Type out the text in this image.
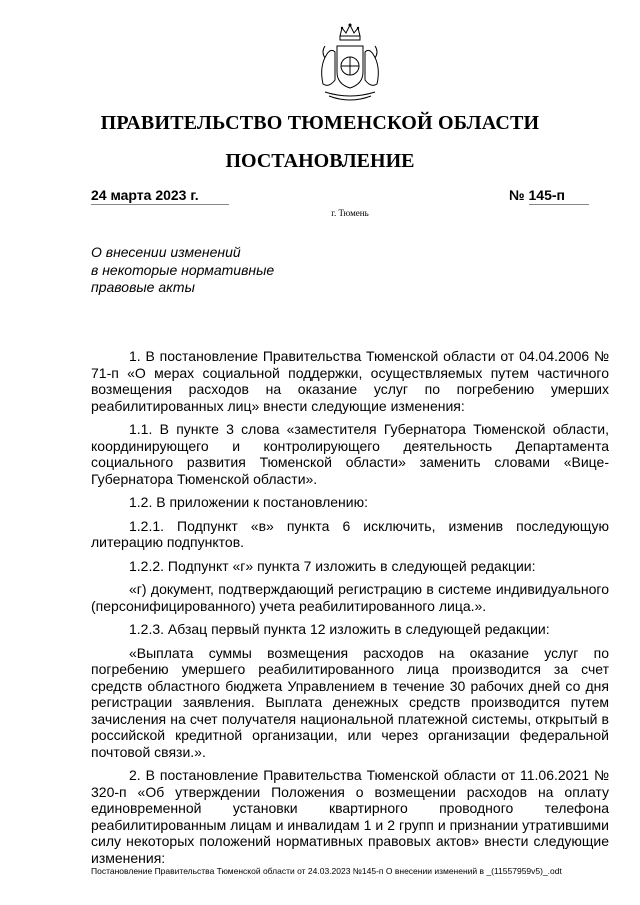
ПРАВИТЕЛЬСТВО ТЮМЕНСКОЙ ОБЛАСТИ
ПОСТАНОВЛЕНИЕ
24 марта 2023 г.	№ 145-п
г. Тюмень
О внесении изменений
в некоторые нормативные
правовые акты

1. В постановление Правительства Тюменской области от 04.04.2006 № 71-п «О мерах социальной поддержки, осуществляемых путем частичного возмещения расходов на оказание услуг по погребению умерших реабилитированных лиц» внести следующие изменения:

1.1. В пункте 3 слова «заместителя Губернатора Тюменской области, координирующего и контролирующего деятельность Департамента социального развития Тюменской области» заменить словами «Вице-Губернатора Тюменской области».

1.2. В приложении к постановлению:

1.2.1. Подпункт «в» пункта 6 исключить, изменив последующую литерацию подпунктов.

1.2.2. Подпункт «г» пункта 7 изложить в следующей редакции:

«г) документ, подтверждающий регистрацию в системе индивидуального (персонифицированного) учета реабилитированного лица.».

1.2.3. Абзац первый пункта 12 изложить в следующей редакции:

«Выплата суммы возмещения расходов на оказание услуг по погребению умершего реабилитированного лица производится за счет средств областного бюджета Управлением в течение 30 рабочих дней со дня регистрации заявления. Выплата денежных средств производится путем зачисления на счет получателя национальной платежной системы, открытый в российской кредитной организации, или через организации федеральной почтовой связи.».

2. В постановление Правительства Тюменской области от 11.06.2021 № 320-п «Об утверждении Положения о возмещении расходов на оплату единовременной установки квартирного проводного телефона реабилитированным лицам и инвалидам 1 и 2 групп и признании утратившими силу некоторых положений нормативных правовых актов» внести следующие изменения:

Постановление Правительства Тюменской области от 24.03.2023 №145-п О внесении изменений в _(11557959v5)_.odt
